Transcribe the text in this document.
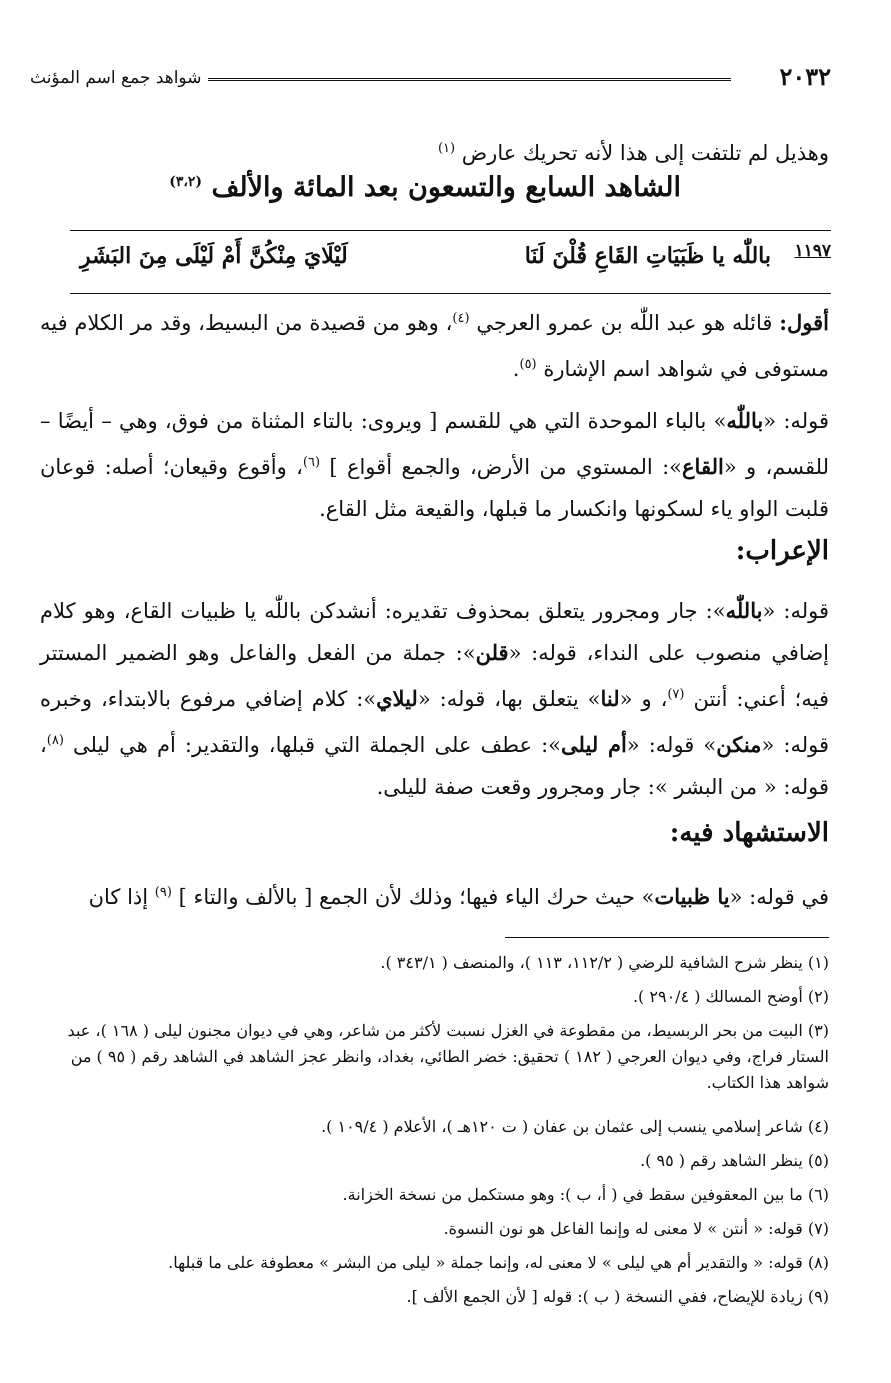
٢٠٣٢
شواهد جمع اسم المؤنث
وهذيل لم تلتفت إلى هذا لأنه تحريك عارض $^{(١)}$
الشاهد السابع والتسعون بعد المائة والألف $^{(٣،٢)}$
١١٩٧
باللّٰه يا ظَبَيَاتِ القَاعِ قُلْنَ لَنَا
لَيْلَايَ مِنْكُنَّ أَمْ لَيْلَى مِنَ البَشَرِ
أقول: قائله هو عبد اللّٰه بن عمرو العرجي $^{(٤)}$، وهو من قصيدة من البسيط، وقد مر الكلام فيه مستوفى في شواهد اسم الإشارة $^{(٥)}$.
قوله: «باللّٰه» بالباء الموحدة التي هي للقسم [ ويروى: بالتاء المثناة من فوق، وهي – أيضًا – للقسم، و «القاع»: المستوي من الأرض، والجمع أقواع ] $^{(٦)}$، وأقوع وقيعان؛ أصله: قوعان قلبت الواو ياء لسكونها وانكسار ما قبلها، والقيعة مثل القاع.
الإعراب:
قوله: «باللّٰه»: جار ومجرور يتعلق بمحذوف تقديره: أنشدكن باللّٰه يا ظبيات القاع، وهو كلام إضافي منصوب على النداء، قوله: «قلن»: جملة من الفعل والفاعل وهو الضمير المستتر فيه؛ أعني: أنتن $^{(٧)}$، و «لنا» يتعلق بها، قوله: «ليلاي»: كلام إضافي مرفوع بالابتداء، وخبره قوله: «منكن» قوله: «أم ليلى»: عطف على الجملة التي قبلها، والتقدير: أم هي ليلى $^{(٨)}$، قوله: « من البشر »: جار ومجرور وقعت صفة لليلى.
الاستشهاد فيه:
في قوله: «يا ظبيات» حيث حرك الياء فيها؛ وذلك لأن الجمع [ بالألف والتاء ] $^{(٩)}$ إذا كان
(١) ينظر شرح الشافية للرضي ( ١١٢/٢، ١١٣ )، والمنصف ( ٣٤٣/١ ).
(٢) أوضح المسالك ( ٢٩٠/٤ ).
(٣) البيت من بحر الربسيط، من مقطوعة في الغزل نسبت لأكثر من شاعر، وهي في ديوان مجنون ليلى ( ١٦٨ )، عبد الستار فراج، وفي ديوان العرجي ( ١٨٢ ) تحقيق: خضر الطائي، بغداد، وانظر عجز الشاهد في الشاهد رقم ( ٩٥ ) من شواهد هذا الكتاب.
(٤) شاعر إسلامي ينسب إلى عثمان بن عفان ( ت ١٢٠هـ )، الأعلام ( ١٠٩/٤ ).
(٥) ينظر الشاهد رقم ( ٩٥ ).
(٦) ما بين المعقوفين سقط في ( أ، ب ): وهو مستكمل من نسخة الخزانة.
(٧) قوله: « أنتن » لا معنى له وإنما الفاعل هو نون النسوة.
(٨) قوله: « والتقدير أم هي ليلى » لا معنى له، وإنما جملة « ليلى من البشر » معطوفة على ما قبلها.
(٩) زيادة للإيضاح، ففي النسخة ( ب ): قوله [ لأن الجمع الألف ].
